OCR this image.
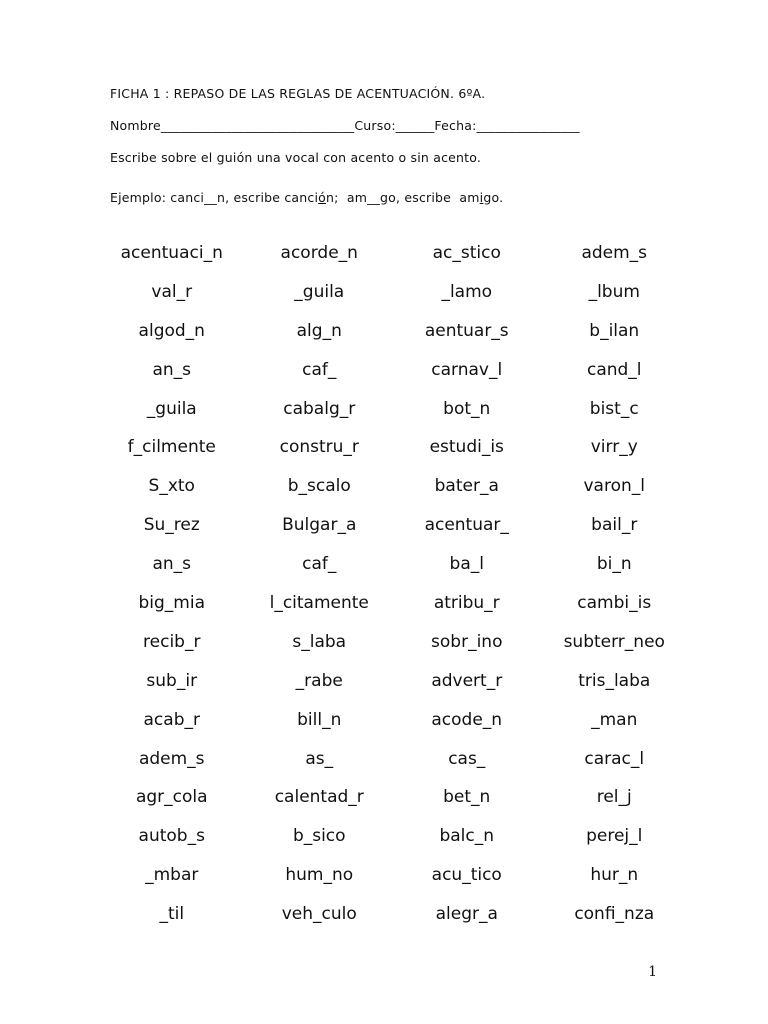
FICHA 1 : REPASO DE LAS REGLAS DE ACENTUACIÓN. 6ºA.
Nombre______________________________Curso:______Fecha:________________
Escribe sobre el guión una vocal con acento o sin acento.
Ejemplo: canci__n, escribe canción;  am__go, escribe  amigo.
acentuaci_n	acorde_n	ac_stico	adem_s
val_r	_guila	_lamo	_lbum
algod_n	alg_n	aentuar_s	b_ilan
an_s	caf_	carnav_l	cand_l
_guila	cabalg_r	bot_n	bist_c
f_cilmente	constru_r	estudi_is	virr_y
S_xto	b_scalo	bater_a	varon_l
Su_rez	Bulgar_a	acentuar_	bail_r
an_s	caf_	ba_l	bi_n
big_mia	l_citamente	atribu_r	cambi_is
recib_r	s_laba	sobr_ino	subterr_neo
sub_ir	_rabe	advert_r	tris_laba
acab_r	bill_n	acode_n	_man
adem_s	as_	cas_	carac_l
agr_cola	calentad_r	bet_n	rel_j
autob_s	b_sico	balc_n	perej_l
_mbar	hum_no	acu_tico	hur_n
_til	veh_culo	alegr_a	confi_nza
1
